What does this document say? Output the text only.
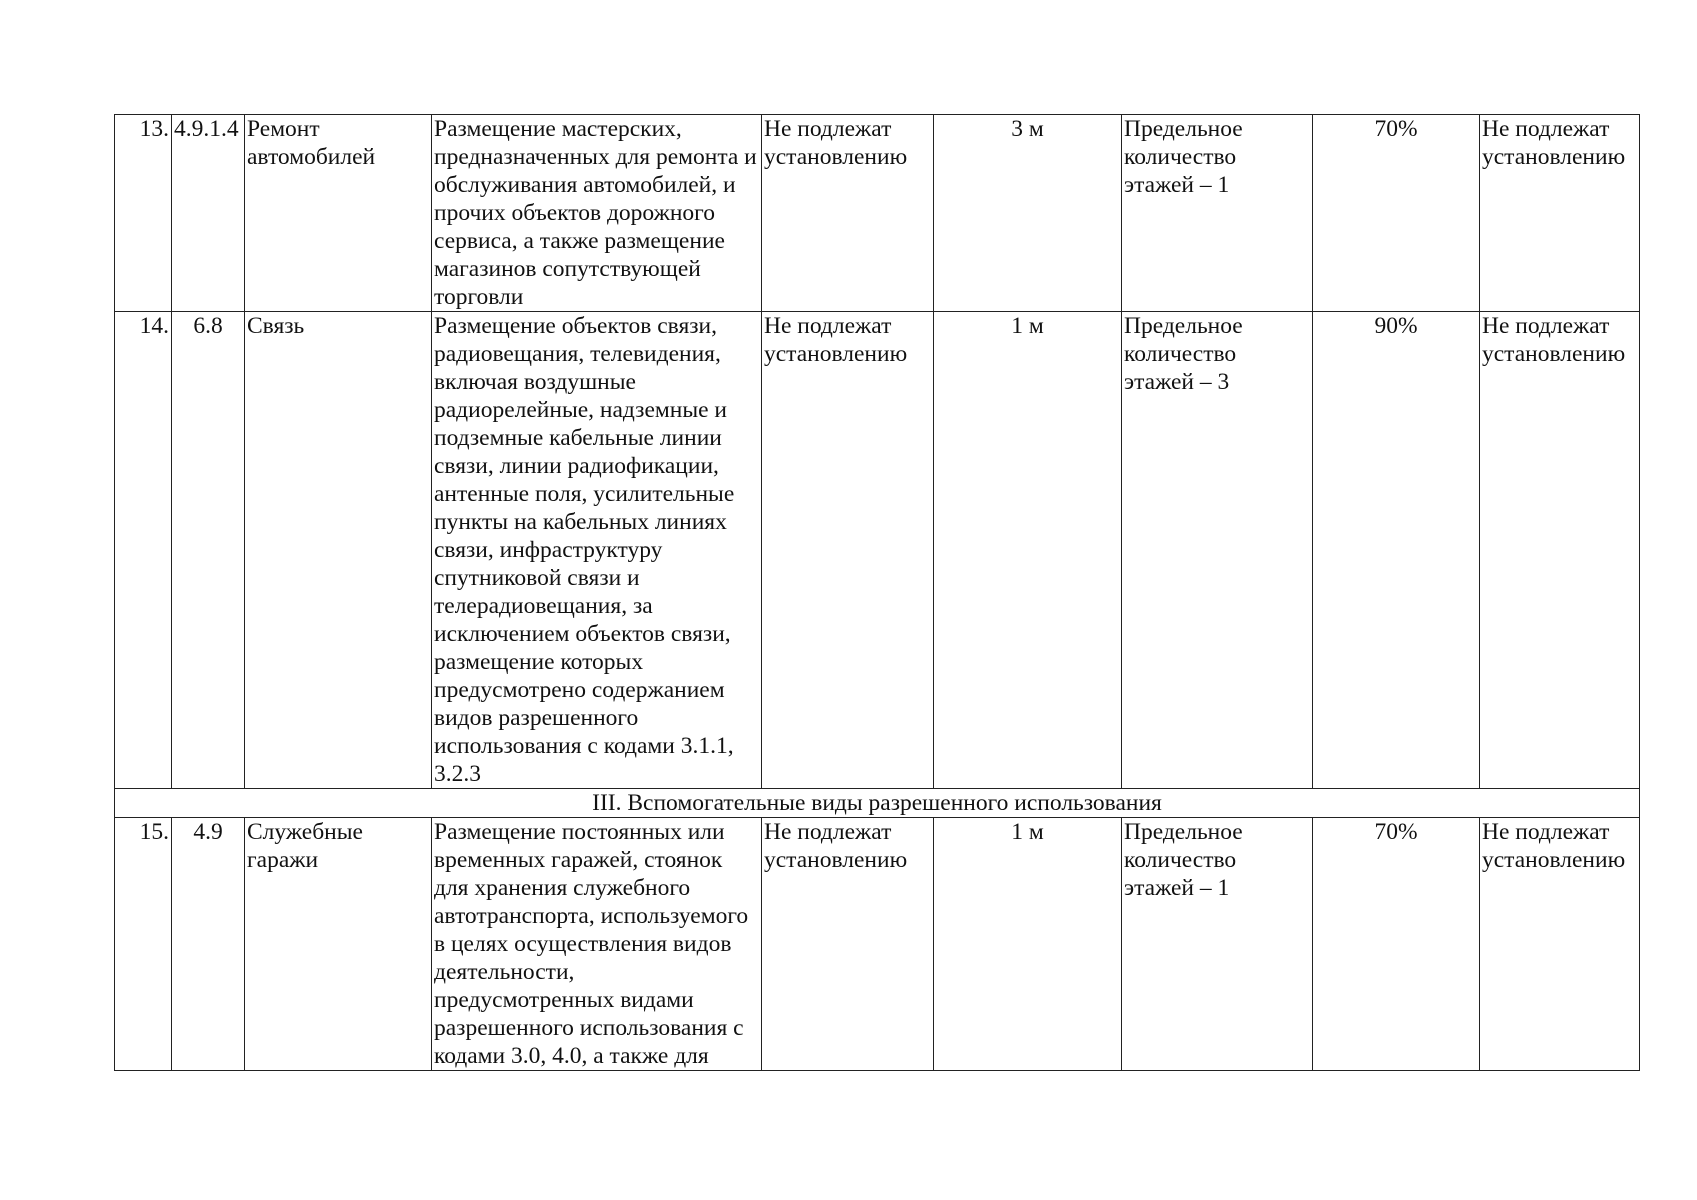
13.	4.9.1.4	Ремонт автомобилей	Размещение мастерских, предназначенных для ремонта и обслуживания автомобилей, и прочих объектов дорожного сервиса, а также размещение магазинов сопутствующей торговли	Не подлежат установлению	3 м	Предельное количество этажей – 1	70%	Не подлежат установлению
14.	6.8	Связь	Размещение объектов связи, радиовещания, телевидения, включая воздушные радиорелейные, надземные и подземные кабельные линии связи, линии радиофикации, антенные поля, усилительные пункты на кабельных линиях связи, инфраструктуру спутниковой связи и телерадиовещания, за исключением объектов связи, размещение которых предусмотрено содержанием видов разрешенного использования с кодами 3.1.1, 3.2.3	Не подлежат установлению	1 м	Предельное количество этажей – 3	90%	Не подлежат установлению
III. Вспомогательные виды разрешенного использования								
15.	4.9	Служебные гаражи	Размещение постоянных или временных гаражей, стоянок для хранения служебного автотранспорта, используемого в целях осуществления видов деятельности, предусмотренных видами разрешенного использования с кодами 3.0, 4.0, а также для	Не подлежат установлению	1 м	Предельное количество этажей – 1	70%	Не подлежат установлению
